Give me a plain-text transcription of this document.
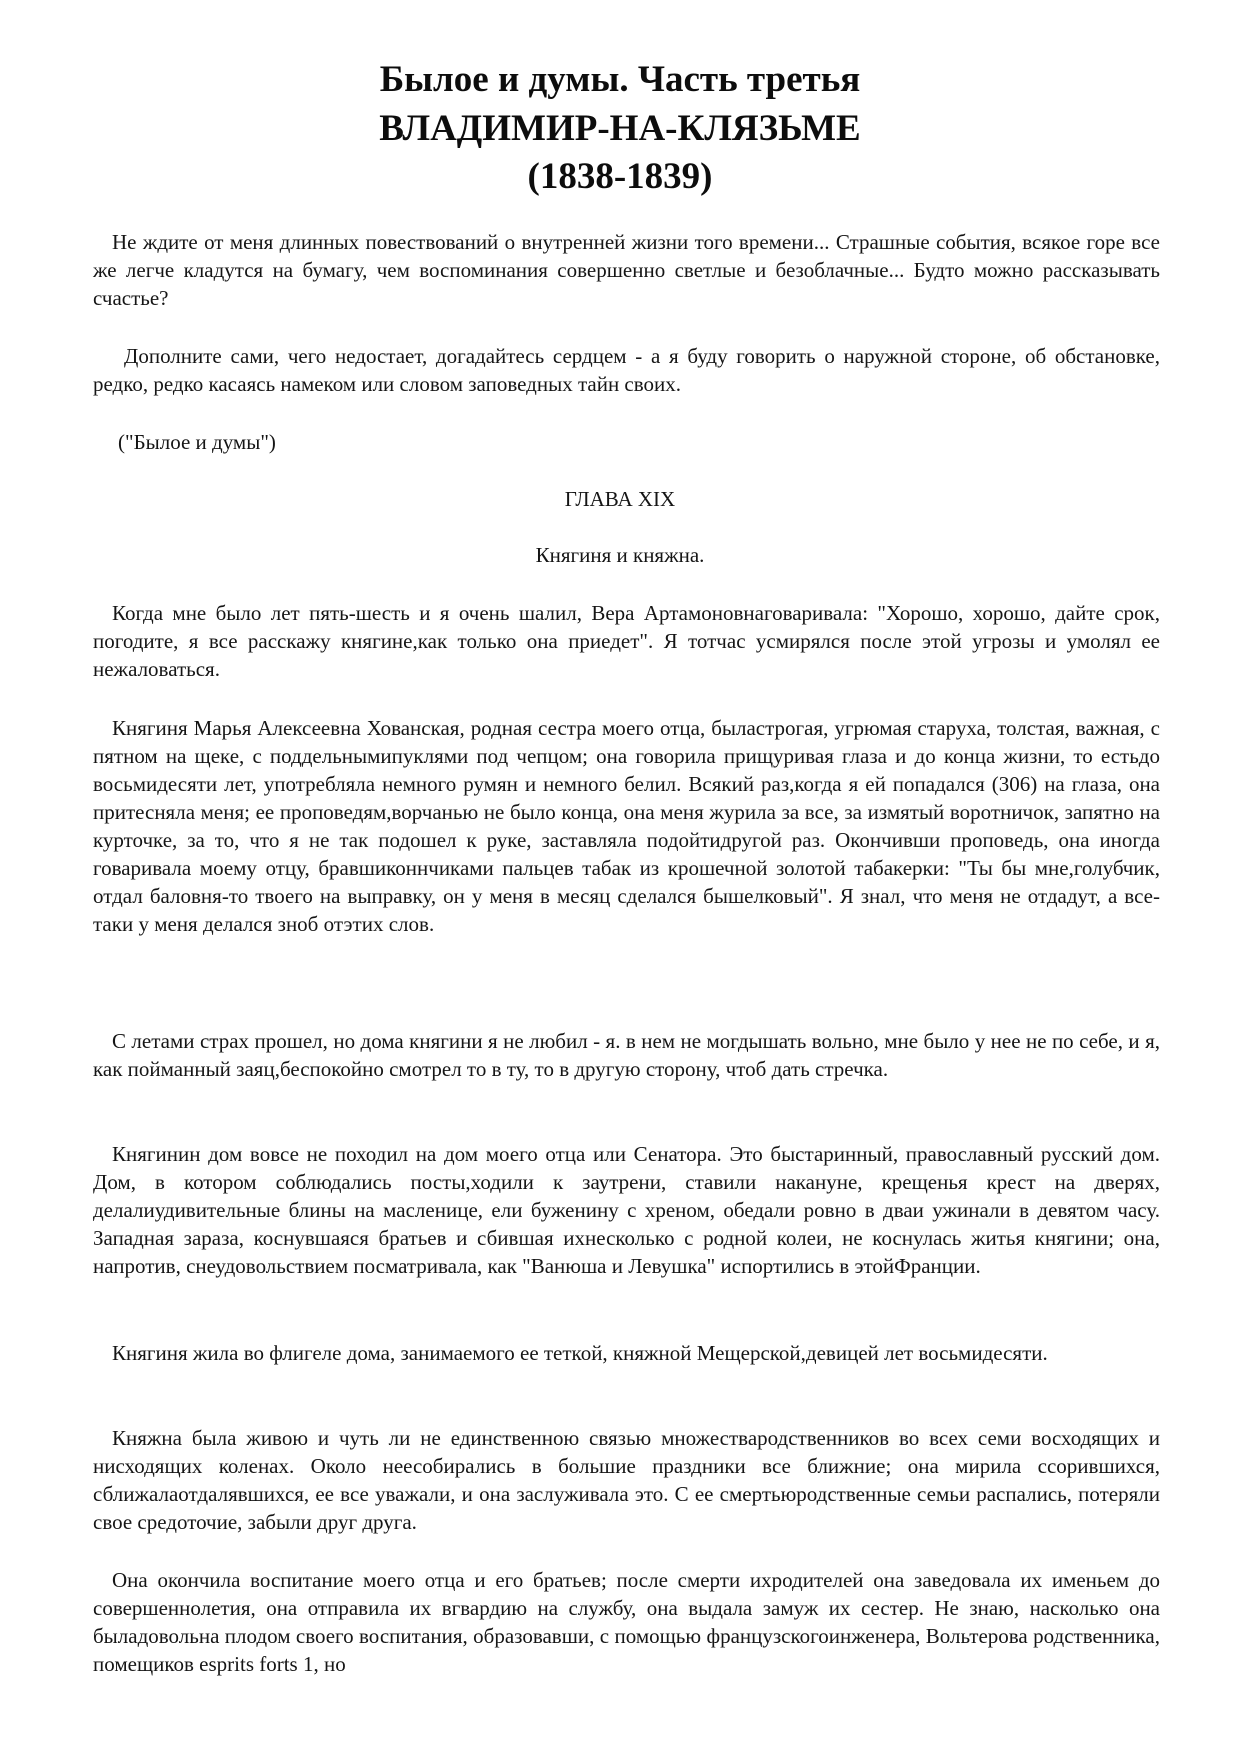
Былое и думы. Часть третья
ВЛАДИМИР-НА-КЛЯЗЬМЕ
(1838-1839)
Не ждите от меня длинных повествований о внутренней жизни того времени... Страшные события, всякое горе все же легче кладутся на бумагу, чем воспоминания совершенно светлые и безоблачные... Будто можно рассказывать счастье?
Дополните сами, чего недостает, догадайтесь сердцем - а я буду говорить о наружной стороне, об обстановке, редко, редко касаясь намеком или словом заповедных тайн своих.
("Былое и думы")
ГЛАВА XIX
Княгиня и княжна.
Когда мне было лет пять-шесть и я очень шалил, Вера Артамоновнаговаривала: "Хорошо, хорошо, дайте срок, погодите, я все расскажу княгине,как только она приедет". Я тотчас усмирялся после этой угрозы и умолял ее нежаловаться.
Княгиня Марья Алексеевна Хованская, родная сестра моего отца, быластрогая, угрюмая старуха, толстая, важная, с пятном на щеке, с поддельнымипуклями под чепцом; она говорила прищуривая глаза и до конца жизни, то естьдо восьмидесяти лет, употребляла немного румян и немного белил. Всякий раз,когда я ей попадался (306) на глаза, она притесняла меня; ее проповедям,ворчанью не было конца, она меня журила за все, за измятый воротничок, запятно на курточке, за то, что я не так подошел к руке, заставляла подойтидругой раз. Окончивши проповедь, она иногда говаривала моему отцу, бравшиконнчиками пальцев табак из крошечной золотой табакерки: "Ты бы мне,голубчик, отдал баловня-то твоего на выправку, он у меня в месяц сделался бышелковый". Я знал, что меня не отдадут, а все-таки у меня делался зноб отэтих слов.
С летами страх прошел, но дома княгини я не любил - я. в нем не могдышать вольно, мне было у нее не по себе, и я, как пойманный заяц,беспокойно смотрел то в ту, то в другую сторону, чтоб дать стречка.
Княгинин дом вовсе не походил на дом моего отца или Сенатора. Это быстаринный, православный русский дом. Дом, в котором соблюдались посты,ходили к заутрени, ставили накануне, крещенья крест на дверях, делалиудивительные блины на масленице, ели буженину с хреном, обедали ровно в дваи ужинали в девятом часу. Западная зараза, коснувшаяся братьев и сбившая ихнесколько с родной колеи, не коснулась житья княгини; она, напротив, снеудовольствием посматривала, как "Ванюша и Левушка" испортились в этойФранции.
Княгиня жила во флигеле дома, занимаемого ее теткой, княжной Мещерской,девицей лет восьмидесяти.
Княжна была живою и чуть ли не единственною связью множестваpодственников во всех семи восходящих и нисходящих коленах. Около неесобирались в большие праздники все ближние; она мирила ссорившихся, сближалаотдалявшихся, ее все уважали, и она заслуживала это. С ее смертьюродственные семьи распались, потеряли свое средоточие, забыли друг друга.
Она окончила воспитание моего отца и его братьев; после смерти ихродителей она заведовала их именьем до совершеннолетия, она отправила их вгвардию на службу, она выдала замуж их сестер. Не знаю, насколько она быладовольна плодом своего воспитания, образовавши, с помощью французскогоинженера, Вольтерова родственника, помещиков esprits forts 1, но
